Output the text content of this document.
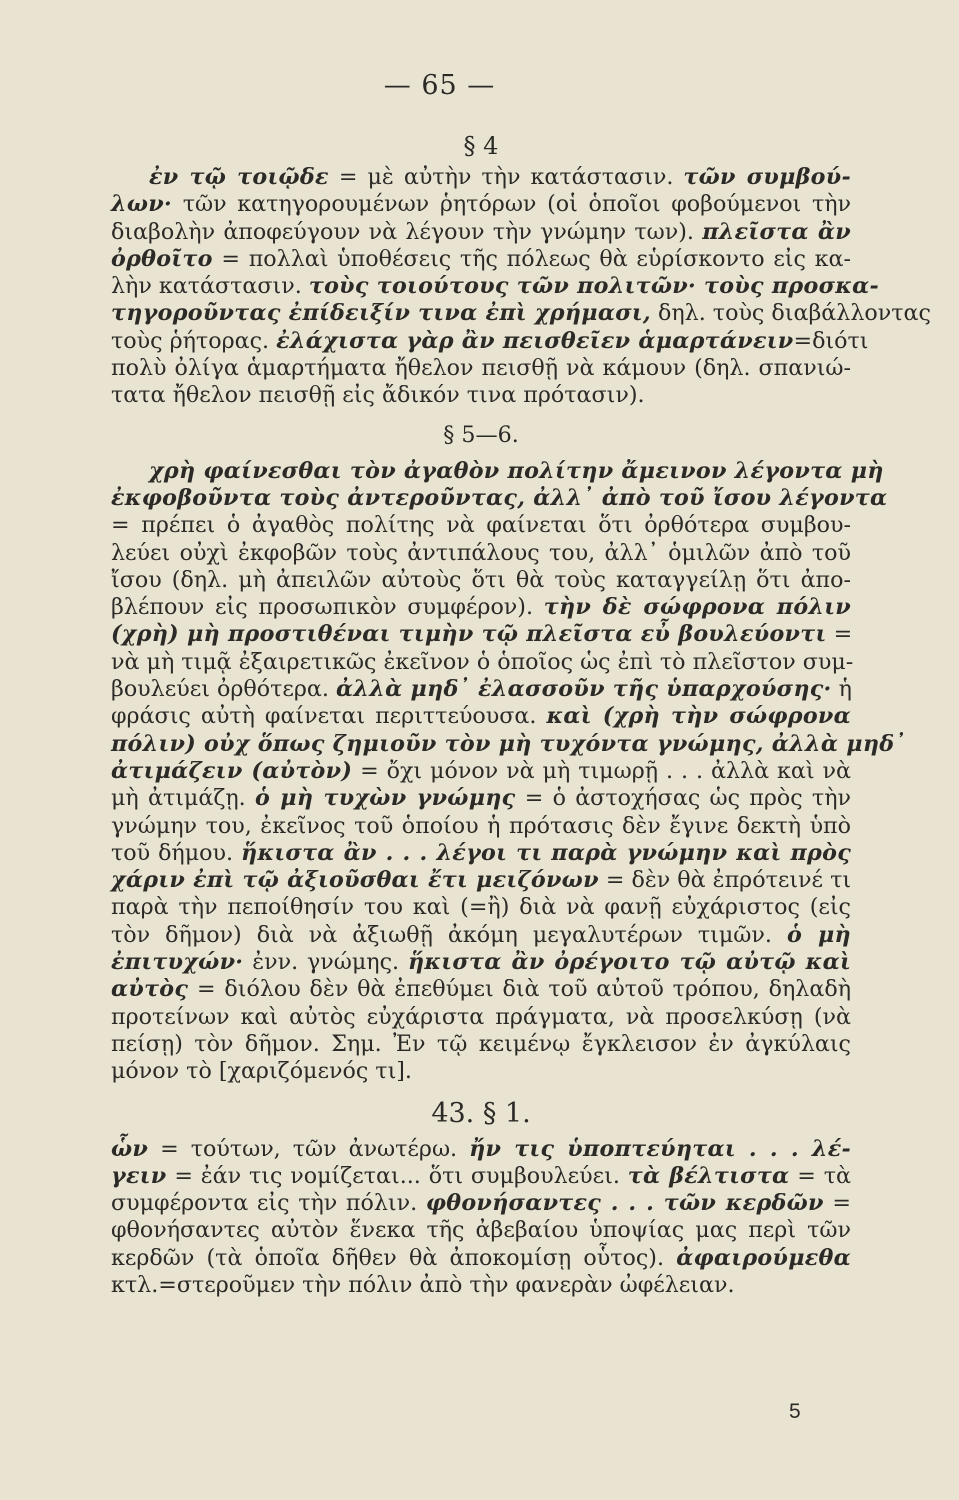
— 65 —
§ 4
ἐν τῷ τοιῷδε = μὲ αὐτὴν τὴν κατάστασιν. τῶν συμβού-
λων· τῶν κατηγορουμένων ῥητόρων (οἱ ὁποῖοι φοβούμενοι τὴν
διαβολὴν ἀποφεύγουν νὰ λέγουν τὴν γνώμην των). πλεῖστα ἂν
ὀρθοῖτο = πολλαὶ ὑποθέσεις τῆς πόλεως θὰ εὑρίσκοντο εἰς κα-
λὴν κατάστασιν. τοὺς τοιούτους τῶν πολιτῶν· τοὺς προσκα-
τηγοροῦντας ἐπίδειξίν τινα ἐπὶ χρήμασι, δηλ. τοὺς διαβάλλοντας
τοὺς ῥήτορας. ἐλάχιστα γὰρ ἂν πεισθεῖεν ἁμαρτάνειν=διότι
πολὺ ὀλίγα ἁμαρτήματα ἤθελον πεισθῇ νὰ κάμουν (δηλ. σπανιώ-
τατα ἤθελον πεισθῇ εἰς ἄδικόν τινα πρότασιν).
§ 5—6.
χρὴ φαίνεσθαι τὸν ἀγαθὸν πολίτην ἄμεινον λέγοντα μὴ
ἐκφοβοῦντα τοὺς ἀντεροῦντας, ἀλλ᾿ ἀπὸ τοῦ ἴσου λέγοντα
= πρέπει ὁ ἀγαθὸς πολίτης νὰ φαίνεται ὅτι ὀρθότερα συμβου-
λεύει οὐχὶ ἐκφοβῶν τοὺς ἀντιπάλους του, ἀλλ᾿ ὁμιλῶν ἀπὸ τοῦ
ἴσου (δηλ. μὴ ἀπειλῶν αὐτοὺς ὅτι θὰ τοὺς καταγγείλῃ ὅτι ἀπο-
βλέπουν εἰς προσωπικὸν συμφέρον). τὴν δὲ σώφρονα πόλιν
(χρὴ) μὴ προστιθέναι τιμὴν τῷ πλεῖστα εὖ βουλεύοντι =
νὰ μὴ τιμᾷ ἐξαιρετικῶς ἐκεῖνον ὁ ὁποῖος ὡς ἐπὶ τὸ πλεῖστον συμ-
βουλεύει ὀρθότερα. ἀλλὰ μηδ᾿ ἐλασσοῦν τῆς ὑπαρχούσης· ἡ
φράσις αὐτὴ φαίνεται περιττεύουσα. καὶ (χρὴ τὴν σώφρονα
πόλιν) οὐχ ὅπως ζημιοῦν τὸν μὴ τυχόντα γνώμης, ἀλλὰ μηδ᾿
ἀτιμάζειν (αὐτὸν) = ὄχι μόνον νὰ μὴ τιμωρῇ . . . ἀλλὰ καὶ νὰ
μὴ ἀτιμάζῃ. ὁ μὴ τυχὼν γνώμης = ὁ ἀστοχήσας ὡς πρὸς τὴν
γνώμην του, ἐκεῖνος τοῦ ὁποίου ἡ πρότασις δὲν ἔγινε δεκτὴ ὑπὸ
τοῦ δήμου. ἥκιστα ἂν . . . λέγοι τι παρὰ γνώμην καὶ πρὸς
χάριν ἐπὶ τῷ ἀξιοῦσθαι ἔτι μειζόνων = δὲν θὰ ἐπρότεινέ τι
παρὰ τὴν πεποίθησίν του καὶ (=ἢ) διὰ νὰ φανῇ εὐχάριστος (εἰς
τὸν δῆμον) διὰ νὰ ἀξιωθῇ ἀκόμη μεγαλυτέρων τιμῶν. ὁ μὴ
ἐπιτυχών· ἐνν. γνώμης. ἥκιστα ἂν ὀρέγοιτο τῷ αὐτῷ καὶ
αὐτὸς = διόλου δὲν θὰ ἐπεθύμει διὰ τοῦ αὐτοῦ τρόπου, δηλαδὴ
προτείνων καὶ αὐτὸς εὐχάριστα πράγματα, νὰ προσελκύσῃ (νὰ
πείσῃ) τὸν δῆμον. Σημ. Ἐν τῷ κειμένῳ ἔγκλεισον ἐν ἀγκύλαις
μόνον τὸ [χαριζόμενός τι].
43. § 1.
ὧν = τούτων, τῶν ἀνωτέρω. ἤν τις ὑποπτεύηται . . . λέ-
γειν = ἐάν τις νομίζεται... ὅτι συμβουλεύει. τὰ βέλτιστα = τὰ
συμφέροντα εἰς τὴν πόλιν. φθονήσαντες . . . τῶν κερδῶν =
φθονήσαντες αὐτὸν ἕνεκα τῆς ἀβεβαίου ὑποψίας μας περὶ τῶν
κερδῶν (τὰ ὁποῖα δῆθεν θὰ ἀποκομίσῃ οὗτος). ἀφαιρούμεθα
κτλ.=στεροῦμεν τὴν πόλιν ἀπὸ τὴν φανερὰν ὠφέλειαν.
5
